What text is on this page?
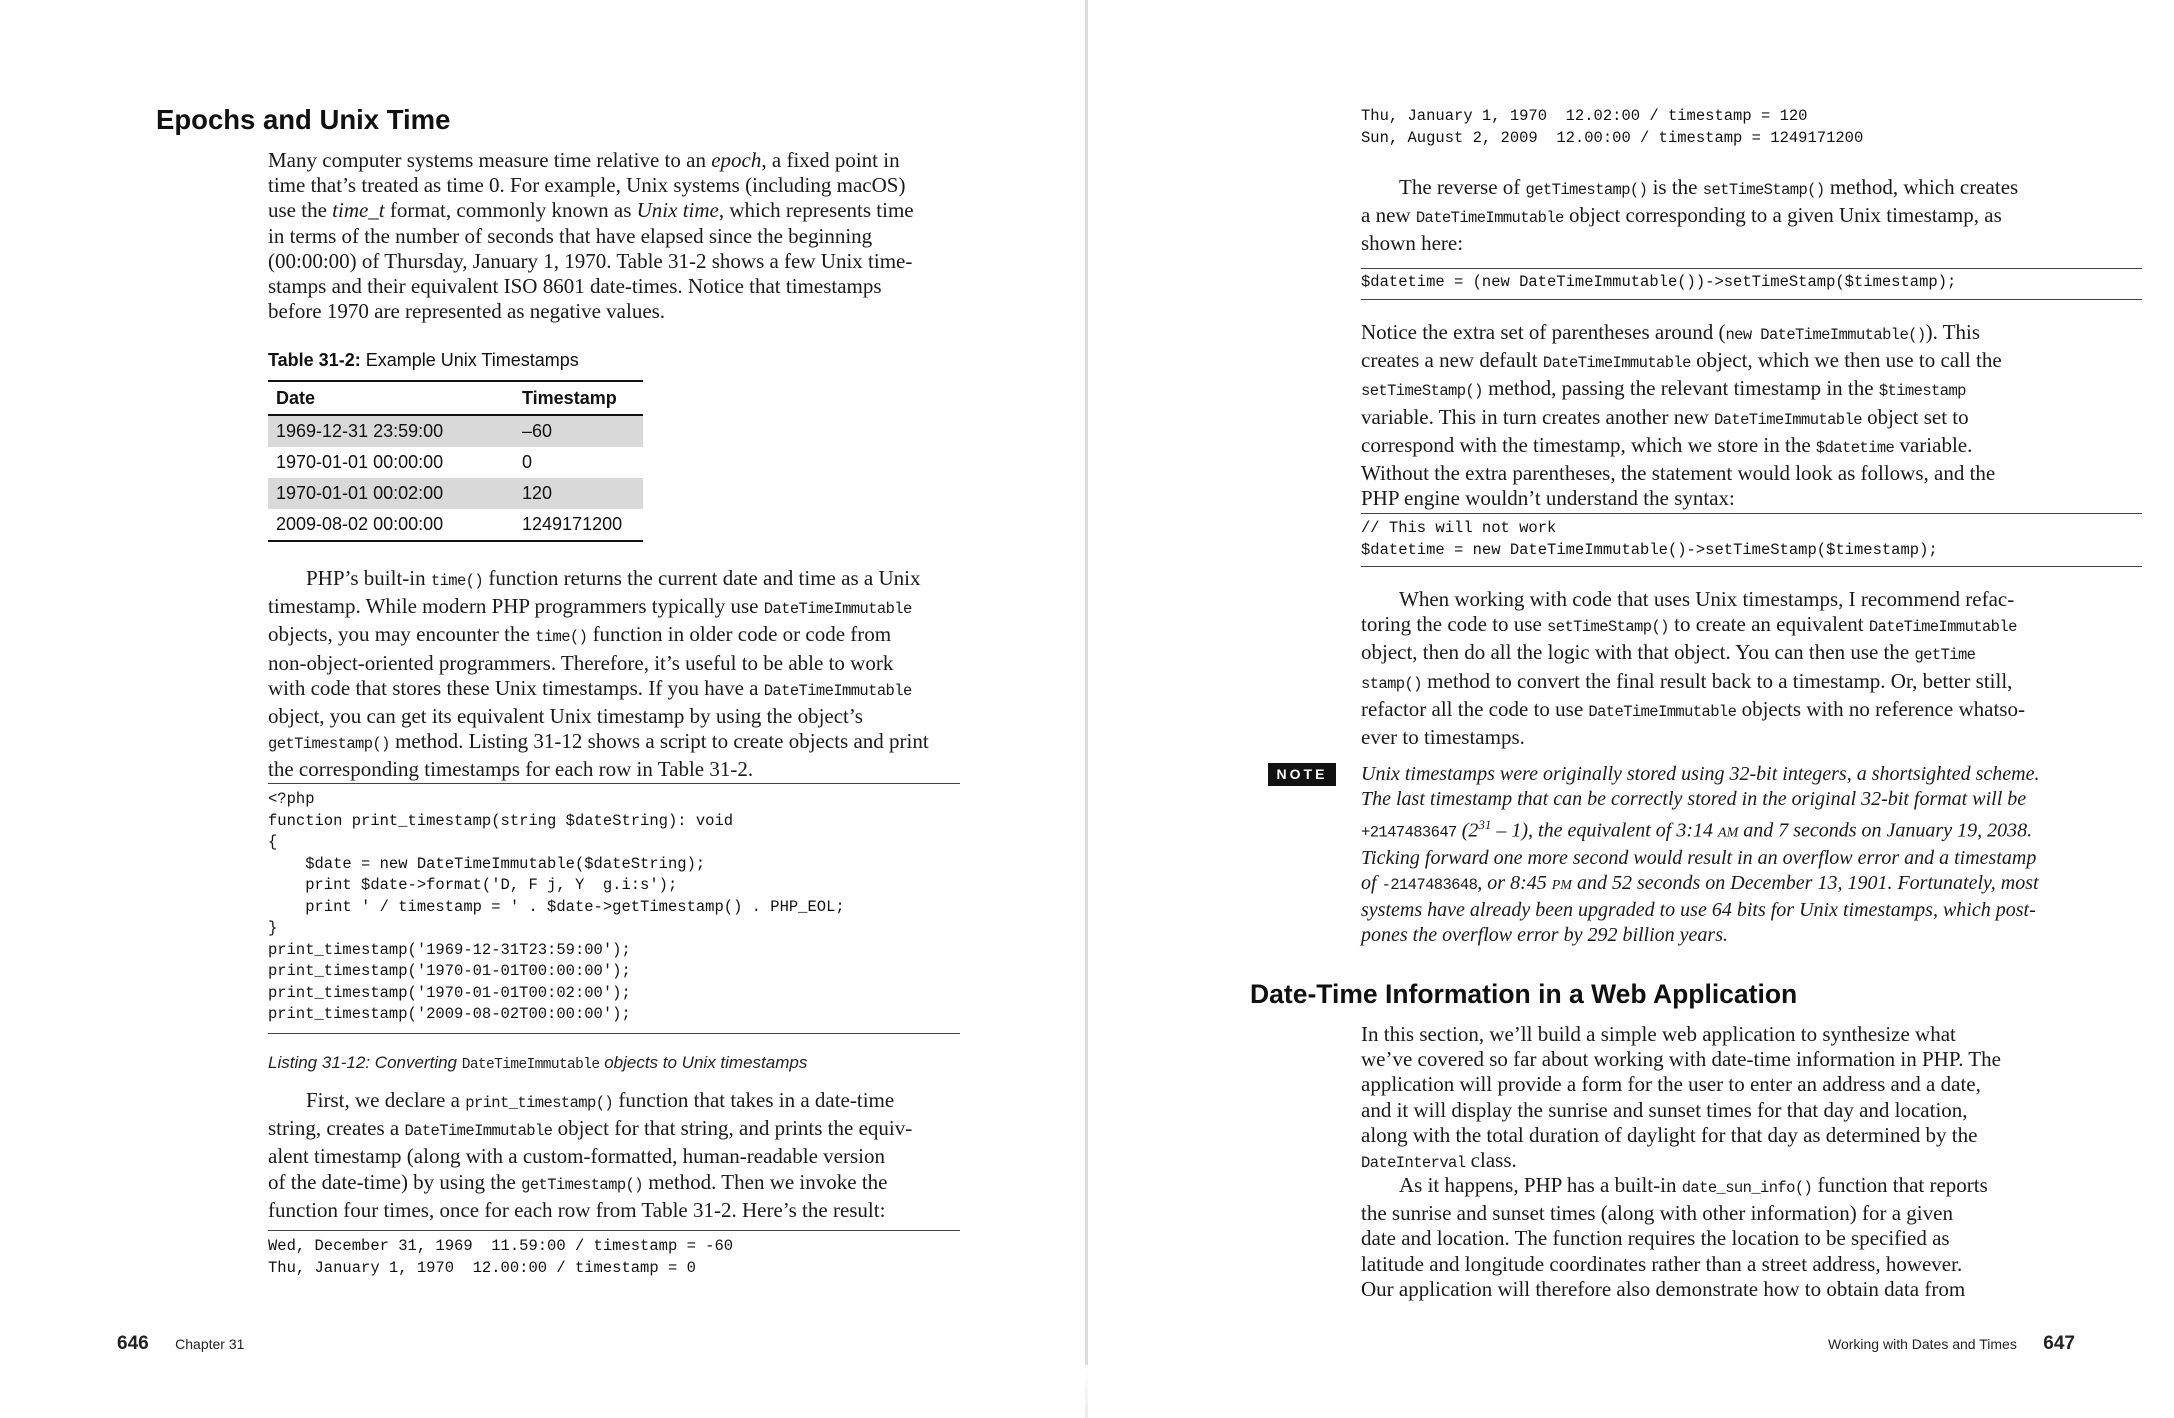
Epochs and Unix Time
Many computer systems measure time relative to an epoch, a fixed point in
time that’s treated as time 0. For example, Unix systems (including macOS)
use the time_t format, commonly known as Unix time, which represents time
in terms of the number of seconds that have elapsed since the beginning
(00:00:00) of Thursday, January 1, 1970. Table 31-2 shows a few Unix time-
stamps and their equivalent ISO 8601 date-times. Notice that timestamps
before 1970 are represented as negative values.
Table 31-2: Example Unix Timestamps
Date	Timestamp
1969-12-31 23:59:00	–60
1970-01-01 00:00:00	0
1970-01-01 00:02:00	120
2009-08-02 00:00:00	1249171200
PHP’s built-in time() function returns the current date and time as a Unix
timestamp. While modern PHP programmers typically use DateTimeImmutable
objects, you may encounter the time() function in older code or code from
non-object-oriented programmers. Therefore, it’s useful to be able to work
with code that stores these Unix timestamps. If you have a DateTimeImmutable
object, you can get its equivalent Unix timestamp by using the object’s
getTimestamp() method. Listing 31-12 shows a script to create objects and print
the corresponding timestamps for each row in Table 31-2.
<?php
function print_timestamp(string $dateString): void
{
$date = new DateTimeImmutable($dateString);
print $date->format('D, F j, Y  g.i:s');
print ' / timestamp = ' . $date->getTimestamp() . PHP_EOL;
}
print_timestamp('1969-12-31T23:59:00');
print_timestamp('1970-01-01T00:00:00');
print_timestamp('1970-01-01T00:02:00');
print_timestamp('2009-08-02T00:00:00');
Listing 31-12: Converting DateTimeImmutable objects to Unix timestamps
First, we declare a print_timestamp() function that takes in a date-time
string, creates a DateTimeImmutable object for that string, and prints the equiv-
alent timestamp (along with a custom-formatted, human-readable version
of the date-time) by using the getTimestamp() method. Then we invoke the
function four times, once for each row from Table 31-2. Here’s the result:
Wed, December 31, 1969  11.59:00 / timestamp = -60
Thu, January 1, 1970  12.00:00 / timestamp = 0
646 Chapter 31
Thu, January 1, 1970  12.02:00 / timestamp = 120
Sun, August 2, 2009  12.00:00 / timestamp = 1249171200
The reverse of getTimestamp() is the setTimeStamp() method, which creates
a new DateTimeImmutable object corresponding to a given Unix timestamp, as
shown here:
$datetime = (new DateTimeImmutable())->setTimeStamp($timestamp);
Notice the extra set of parentheses around (new DateTimeImmutable()). This
creates a new default DateTimeImmutable object, which we then use to call the
setTimeStamp() method, passing the relevant timestamp in the $timestamp
variable. This in turn creates another new DateTimeImmutable object set to
correspond with the timestamp, which we store in the $datetime variable.
Without the extra parentheses, the statement would look as follows, and the
PHP engine wouldn’t understand the syntax:
// This will not work
$datetime = new DateTimeImmutable()->setTimeStamp($timestamp);
When working with code that uses Unix timestamps, I recommend refac-
toring the code to use setTimeStamp() to create an equivalent DateTimeImmutable
object, then do all the logic with that object. You can then use the getTime
stamp() method to convert the final result back to a timestamp. Or, better still,
refactor all the code to use DateTimeImmutable objects with no reference whatso-
ever to timestamps.
NOTE	Unix timestamps were originally stored using 32-bit integers, a shortsighted scheme.
The last timestamp that can be correctly stored in the original 32-bit format will be
+2147483647 $(2^{31} - 1)$, the equivalent of 3:14 am and 7 seconds on January 19, 2038.
Ticking forward one more second would result in an overflow error and a timestamp
of -2147483648, or 8:45 pm and 52 seconds on December 13, 1901. Fortunately, most
systems have already been upgraded to use 64 bits for Unix timestamps, which post-
pones the overflow error by 292 billion years.
Date-Time Information in a Web Application
In this section, we’ll build a simple web application to synthesize what
we’ve covered so far about working with date-time information in PHP. The
application will provide a form for the user to enter an address and a date,
and it will display the sunrise and sunset times for that day and location,
along with the total duration of daylight for that day as determined by the
DateInterval class.
As it happens, PHP has a built-in date_sun_info() function that reports
the sunrise and sunset times (along with other information) for a given
date and location. The function requires the location to be specified as
latitude and longitude coordinates rather than a street address, however.
Our application will therefore also demonstrate how to obtain data from
Working with Dates and Times 647
